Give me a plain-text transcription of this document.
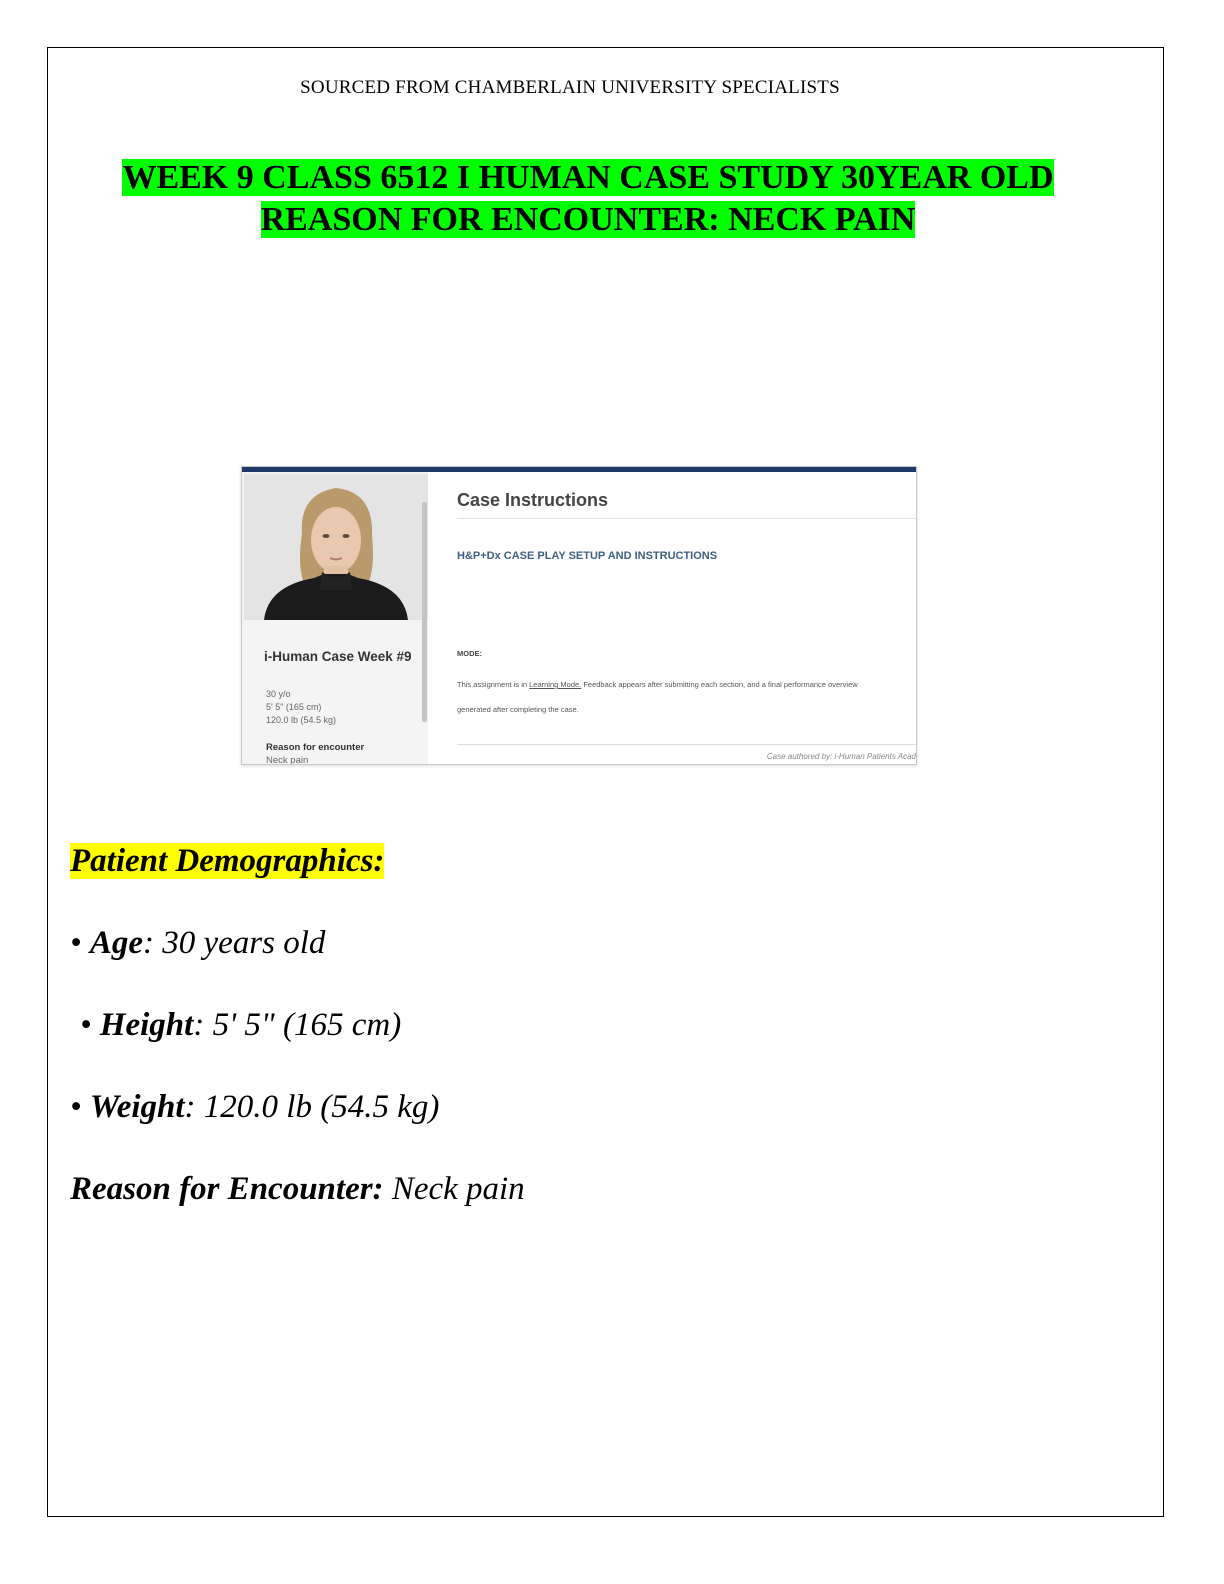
SOURCED FROM CHAMBERLAIN UNIVERSITY SPECIALISTS
WEEK 9 CLASS 6512 I HUMAN CASE STUDY 30YEAR OLD
REASON FOR ENCOUNTER: NECK PAIN
i-Human Case Week #9
30 y/o
5' 5" (165 cm)
120.0 lb (54.5 kg)
Reason for encounter
Neck pain
Case Instructions
H&P+Dx CASE PLAY SETUP AND INSTRUCTIONS
MODE:
This assignment is in Learning Mode. Feedback appears after submitting each section, and a final performance overview
generated after completing the case.
Case authored by: i-Human Patients Acad
Patient Demographics:
• Age: 30 years old
• Height: 5' 5" (165 cm)
• Weight: 120.0 lb (54.5 kg)
Reason for Encounter: Neck pain
